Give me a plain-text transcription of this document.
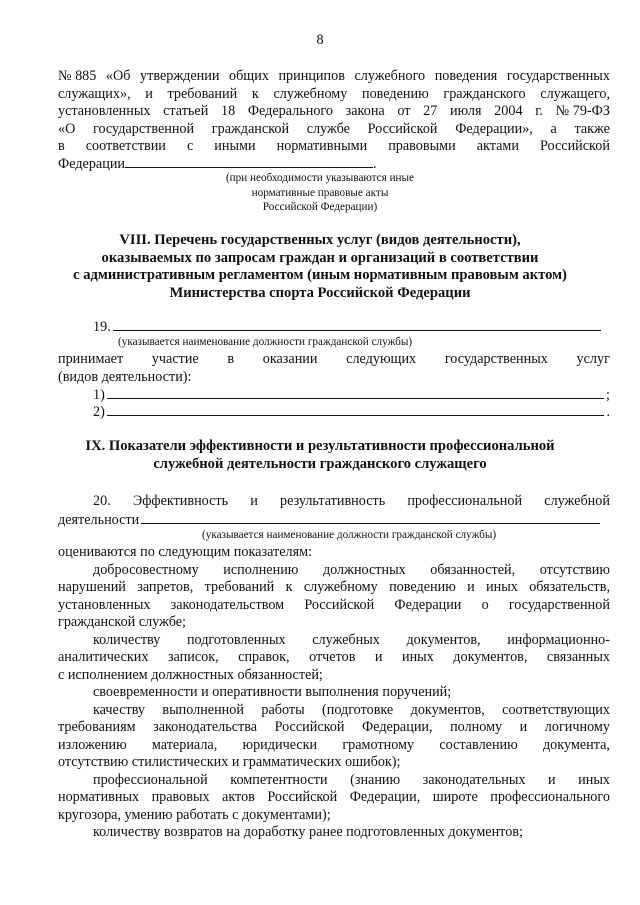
8
№ 885 «Об утверждении общих принципов служебного поведения государственных
служащих», и требований к служебному поведению гражданского служащего,
установленных статьей 18 Федерального закона от 27 июля 2004 г. № 79-ФЗ
«О государственной гражданской службе Российской Федерации», а также
в соответствии с иными нормативными правовыми актами Российской
Федерации	.
(при необходимости указываются иные
нормативные правовые акты
Российской Федерации)
VIII. Перечень государственных услуг (видов деятельности),
оказываемых по запросам граждан и организаций в соответствии
с административным регламентом (иным нормативным правовым актом)
Министерства спорта Российской Федерации
19.
(указывается наименование должности гражданской службы)
принимает участие в оказании следующих государственных услуг
(видов деятельности):
1)	;
2)	.
IX. Показатели эффективности и результативности профессиональной
служебной деятельности гражданского служащего
20. Эффективность и результативность профессиональной служебной
деятельности
(указывается наименование должности гражданской службы)
оцениваются по следующим показателям:
добросовестному исполнению должностных обязанностей, отсутствию
нарушений запретов, требований к служебному поведению и иных обязательств,
установленных законодательством Российской Федерации о государственной
гражданской службе;
количеству подготовленных служебных документов, информационно-
аналитических записок, справок, отчетов и иных документов, связанных
с исполнением должностных обязанностей;
своевременности и оперативности выполнения поручений;
качеству выполненной работы (подготовке документов, соответствующих
требованиям законодательства Российской Федерации, полному и логичному
изложению материала, юридически грамотному составлению документа,
отсутствию стилистических и грамматических ошибок);
профессиональной компетентности (знанию законодательных и иных
нормативных правовых актов Российской Федерации, широте профессионального
кругозора, умению работать с документами);
количеству возвратов на доработку ранее подготовленных документов;
